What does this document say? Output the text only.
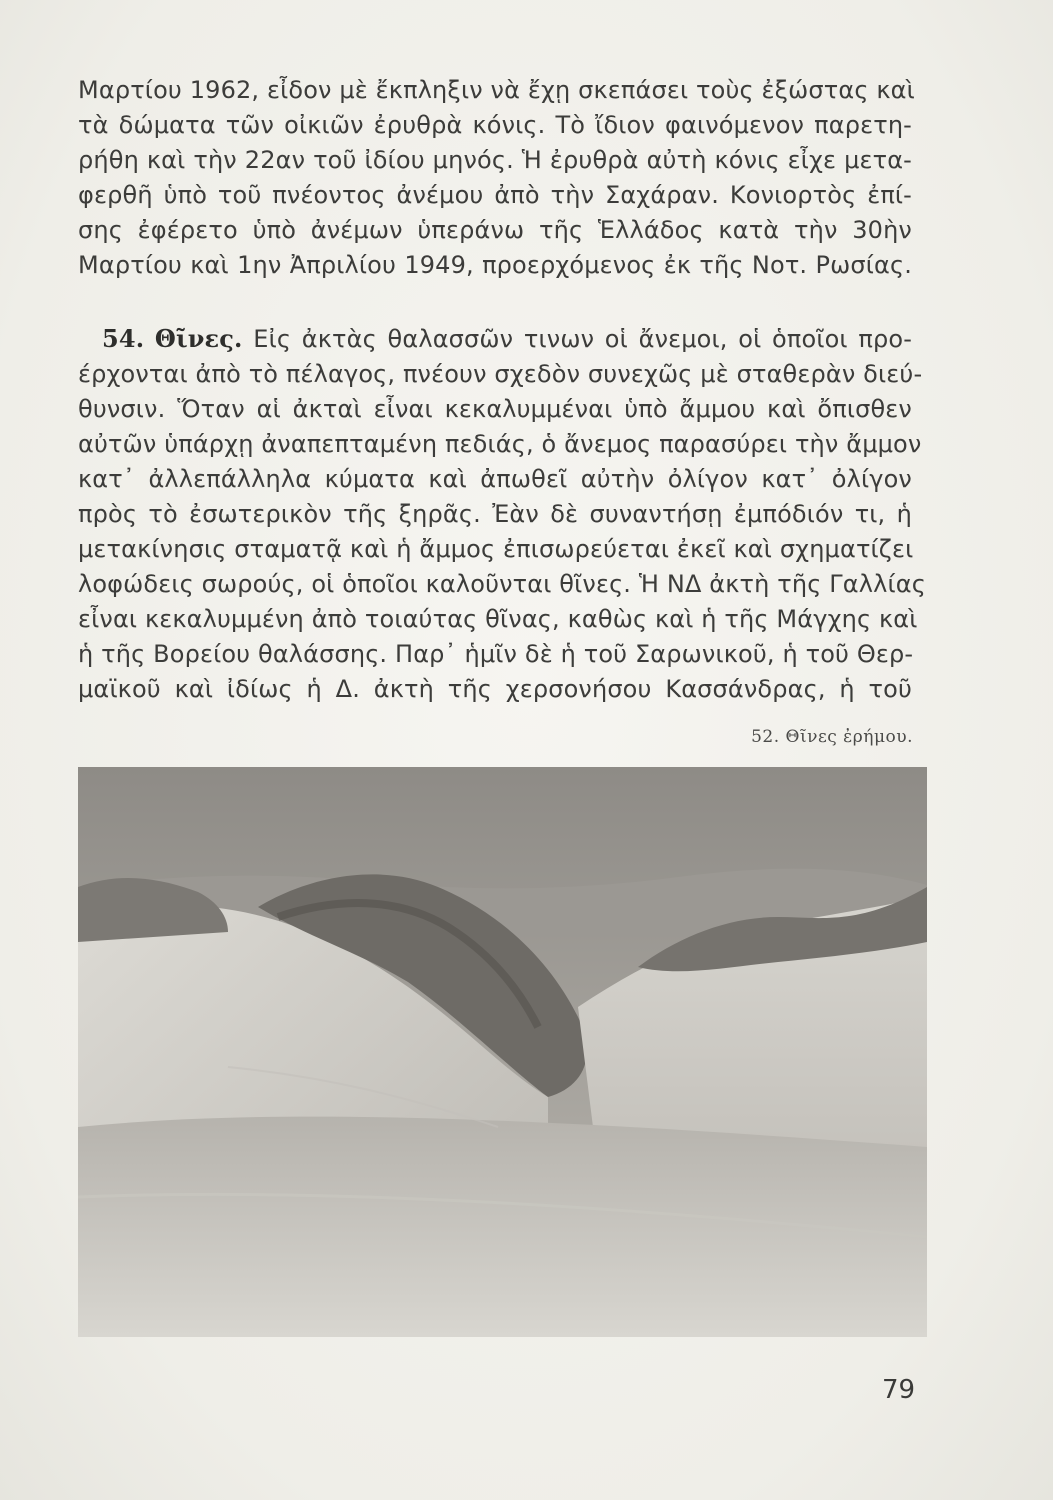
Μαρτίου 1962, εἶδον μὲ ἔκπληξιν νὰ ἔχῃ σκεπάσει τοὺς ἐξώστας καὶ
τὰ δώματα τῶν οἰκιῶν ἐρυθρὰ κόνις. Τὸ ἴδιον φαινόμενον παρετη-
ρήθη καὶ τὴν 22αν τοῦ ἰδίου μηνός. Ἡ ἐρυθρὰ αὐτὴ κόνις εἶχε μετα-
φερθῆ ὑπὸ τοῦ πνέοντος ἀνέμου ἀπὸ τὴν Σαχάραν. Κονιορτὸς ἐπί-
σης ἐφέρετο ὑπὸ ἀνέμων ὑπεράνω τῆς Ἑλλάδος κατὰ τὴν 30ὴν
Μαρτίου καὶ 1ην Ἀπριλίου 1949, προερχόμενος ἐκ τῆς Νοτ. Ρωσίας.
54. Θῖνες. Εἰς ἀκτὰς θαλασσῶν τινων οἱ ἄνεμοι, οἱ ὁποῖοι προ-
έρχονται ἀπὸ τὸ πέλαγος, πνέουν σχεδὸν συνεχῶς μὲ σταθερὰν διεύ-
θυνσιν. Ὅταν αἱ ἀκταὶ εἶναι κεκαλυμμέναι ὑπὸ ἄμμου καὶ ὄπισθεν
αὐτῶν ὑπάρχῃ ἀναπεπταμένη πεδιάς, ὁ ἄνεμος παρασύρει τὴν ἄμμον
κατ᾽ ἀλλεπάλληλα κύματα καὶ ἀπωθεῖ αὐτὴν ὀλίγον κατ᾽ ὀλίγον
πρὸς τὸ ἐσωτερικὸν τῆς ξηρᾶς. Ἐὰν δὲ συναντήσῃ ἐμπόδιόν τι, ἡ
μετακίνησις σταματᾷ καὶ ἡ ἄμμος ἐπισωρεύεται ἐκεῖ καὶ σχηματίζει
λοφώδεις σωρούς, οἱ ὁποῖοι καλοῦνται θῖνες. Ἡ ΝΔ ἀκτὴ τῆς Γαλλίας
εἶναι κεκαλυμμένη ἀπὸ τοιαύτας θῖνας, καθὼς καὶ ἡ τῆς Μάγχης καὶ
ἡ τῆς Βορείου θαλάσσης. Παρ᾽ ἡμῖν δὲ ἡ τοῦ Σαρωνικοῦ, ἡ τοῦ Θερ-
μαϊκοῦ καὶ ἰδίως ἡ Δ. ἀκτὴ τῆς χερσονήσου Κασσάνδρας, ἡ τοῦ
52. Θῖνες ἐρήμου.
79
